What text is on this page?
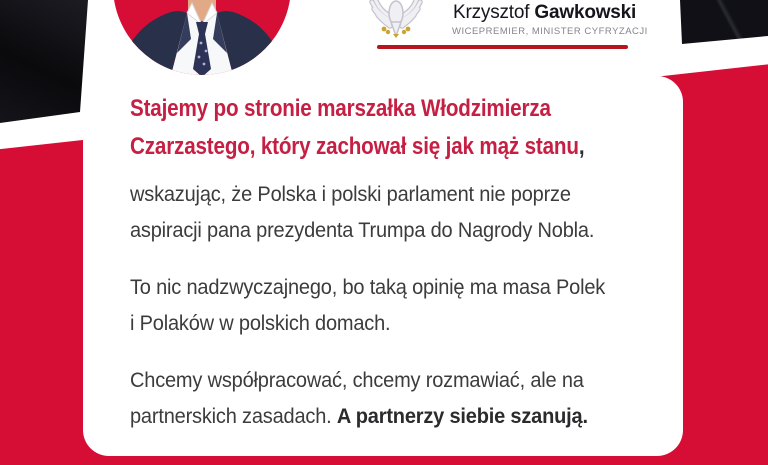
Stajemy po stronie marszałka Włodzimierza
Czarzastego, który zachował się jak mąż stanu,
wskazując, że Polska i polski parlament nie poprze
aspiracji pana prezydenta Trumpa do Nagrody Nobla.
To nic nadzwyczajnego, bo taką opinię ma masa Polek
i Polaków w polskich domach.
Chcemy współpracować, chcemy rozmawiać, ale na
partnerskich zasadach. A partnerzy siebie szanują.
Krzysztof Gawkowski
WICEPREMIER, MINISTER CYFRYZACJI
